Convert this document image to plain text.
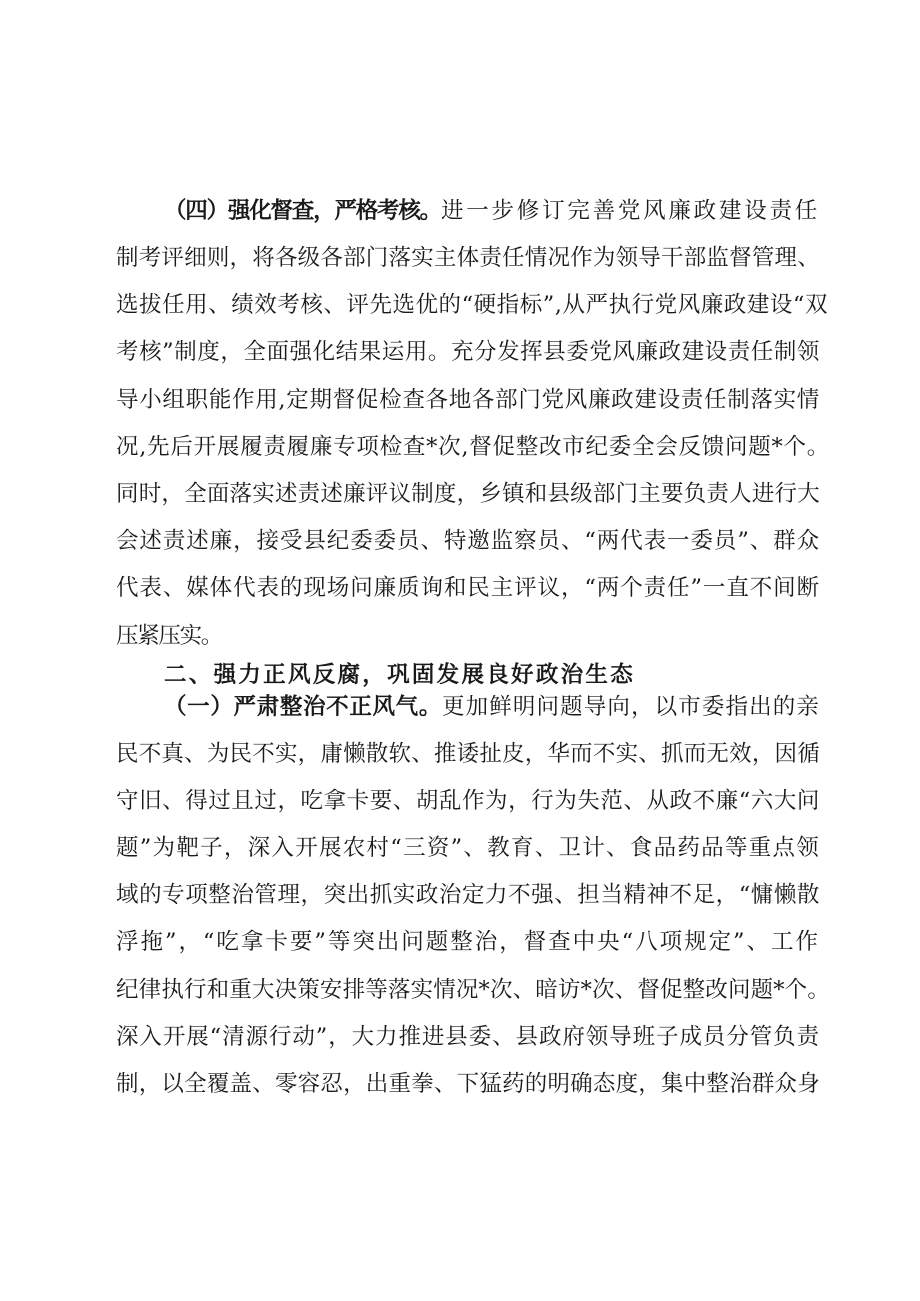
（四）强化督查，严格考核。 进一步修订完善党风廉政建设责任
制考评细则，将各级各部门落实主体责任情况作为领导干部监督管理、
选拔任用、绩效考核、评先选优的“硬指标”,从严执行党风廉政建设“双
考核”制度，全面强化结果运用。充分发挥县委党风廉政建设责任制领
导小组职能作用,定期督促检查各地各部门党风廉政建设责任制落实情
况,先后开展履责履廉专项检查*次,督促整改市纪委全会反馈问题*个。
同时，全面落实述责述廉评议制度，乡镇和县级部门主要负责人进行大
会述责述廉，接受县纪委委员、特邀监察员、“两代表一委员”、群众
代表、媒体代表的现场问廉质询和民主评议，“两个责任”一直不间断
压紧压实。
二、强力正风反腐，巩固发展良好政治生态
（一）严肃整治不正风气。 更加鲜明问题导向，以市委指出的亲
民不真、为民不实，庸懒散软、推诿扯皮，华而不实、抓而无效，因循
守旧、得过且过，吃拿卡要、胡乱作为，行为失范、从政不廉“六大问
题”为靶子，深入开展农村“三资”、教育、卫计、食品药品等重点领
域的专项整治管理，突出抓实政治定力不强、担当精神不足，“慵懒散
浮拖”，“吃拿卡要”等突出问题整治，督查中央“八项规定”、工作
纪律执行和重大决策安排等落实情况*次、暗访*次、督促整改问题*个。
深入开展“清源行动”，大力推进县委、县政府领导班子成员分管负责
制，以全覆盖、零容忍，出重拳、下猛药的明确态度，集中整治群众身
